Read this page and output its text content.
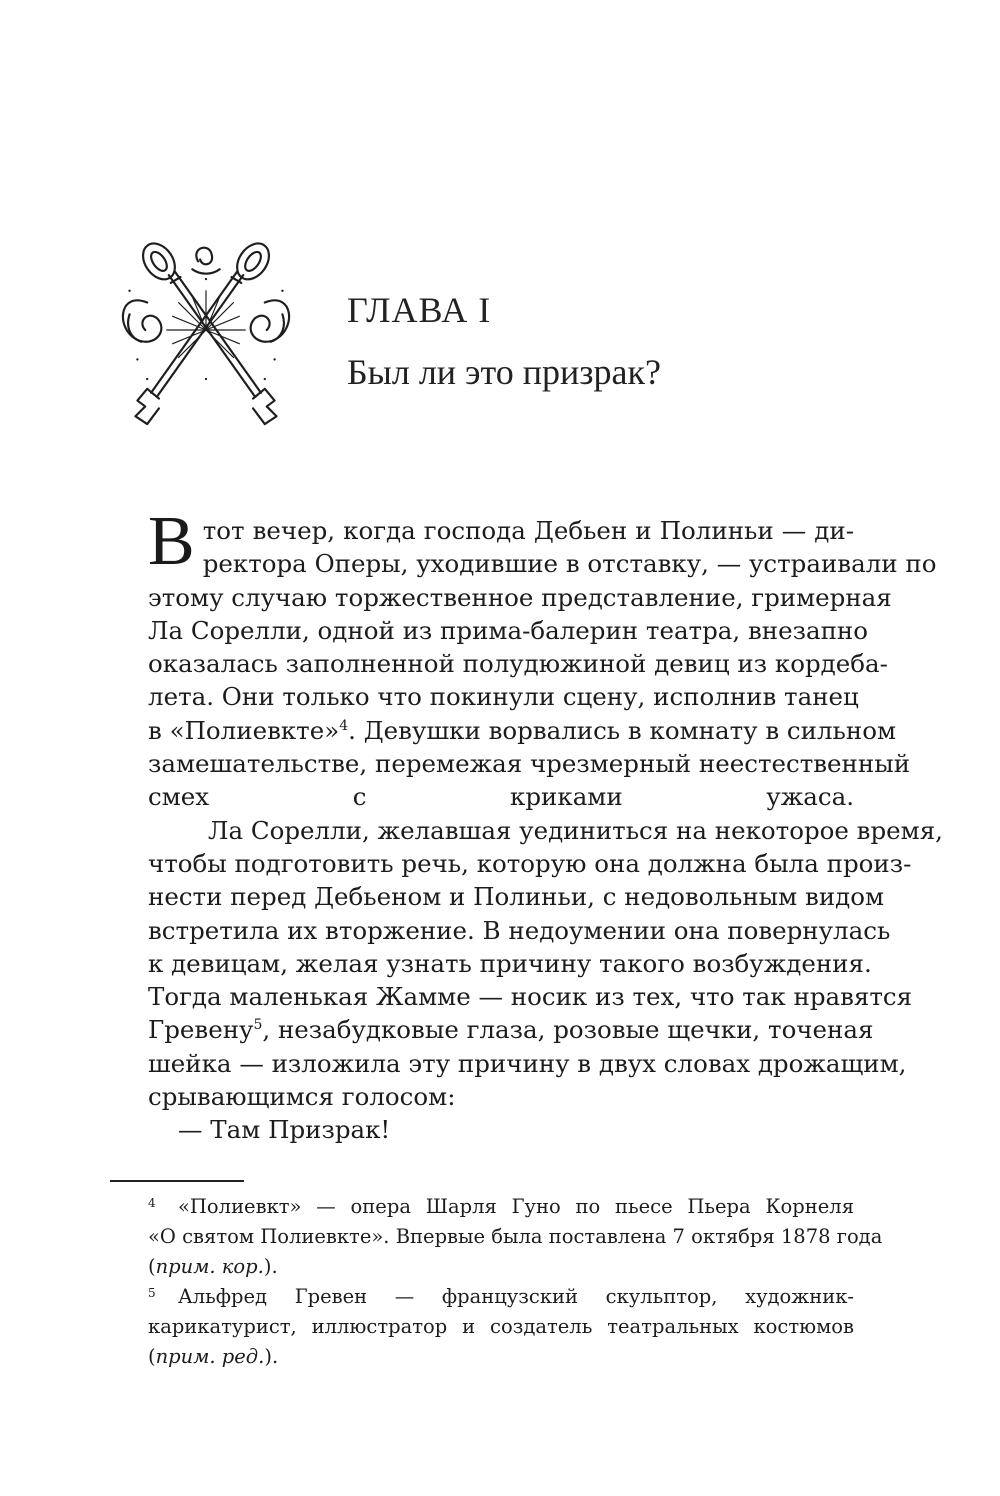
ГЛАВА I
Был ли это призрак?

В тот вечер, когда господа Дебьен и Полиньи — ди-
ректора Оперы, уходившие в отставку, — устраивали по
этому случаю торжественное представление, гримерная
Ла Сорелли, одной из прима-балерин театра, внезапно
оказалась заполненной полудюжиной девиц из кордеба-
лета. Они только что покинули сцену, исполнив танец
в «Полиевкте»$^4$. Девушки ворвались в комнату в сильном
замешательстве, перемежая чрезмерный неестественный
смех с криками ужаса.

Ла Сорелли, желавшая уединиться на некоторое время,
чтобы подготовить речь, которую она должна была произ-
нести перед Дебьеном и Полиньи, с недовольным видом
встретила их вторжение. В недоумении она повернулась
к девицам, желая узнать причину такого возбуждения.
Тогда маленькая Жамме — носик из тех, что так нравятся
Гревену$^5$, незабудковые глаза, розовые щечки, точеная
шейка — изложила эту причину в двух словах дрожащим,
срывающимся голосом:

— Там Призрак!

4	«Полиевкт» — опера Шарля Гуно по пьесе Пьера Корнеля
«О святом Полиевкте». Впервые была поставлена 7 октября 1878 года
(прим. кор.).
5	Альфред Гревен — французский скульптор, художник-
карикатурист, иллюстратор и создатель театральных костюмов
(прим. ред.).
